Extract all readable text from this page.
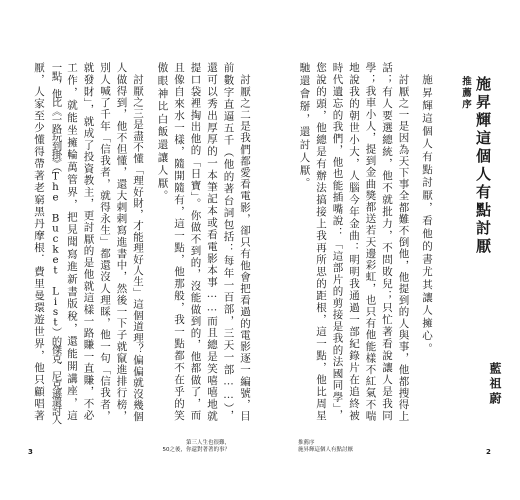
討厭之二是我們都愛看電影，卻只有他會把看過的電影逐一編號，目
前數字直逼五千（他的著台詞包括：每年一百部，三天一部……），
還可以秀出厚厚的一本筆記本或看電影本事……而且總是笑嘻嘻地就
提口袋裡掏出他的「日寶」。你做不到的，沒能做到的，他都做了，而
且像自來水一樣，隨開隨有，這一點，他那般，我一點都不在乎的笑
傲眼神比白飯還讓人厭。
討厭之三是盡不懂「理好財，才能理好人生」這個道理？偏偏就沒幾個
人做得到，他不但懂，還大剌剌寫進書中，然後一下子就竄進排行榜，
別人喊了千年「信我者，就得永生」都還沒人理睬，他一句「信我者，
就發財」，就成了投資教主，更討厭的是他就這樣一路賺一直賺，不必
工作，就能坐擁輪萬管界，把見聞寫進新書版稅，還能開講座，這
一點，他比《一路玩到掛》（The Bucket List）的傑克．尼克遜還討人
厭，人家至少懂得帶著老窮黑丹摩根．費里曼環遊世界，他只顧唱著
第三人生也很難，
50之後，你還對著著的事？
3
推薦序 施昇輝這個人有點討厭
藍祖蔚
施昇輝這個人有點討厭，看他的書尤其讓人擁心。
討厭之一是因為天下事全都難不倒他，他提到的人與事，他都搜得上
話；有人要選總統，他不就批力，不問敗兒；只忙著看說讓人是我同
學；我車小人，提到金曲獎都送若天邊彩虹，也只有他能樣不紅氣不喘
地說我的朝世小大，人腦今年金曲：明明我通過一部紀錄片在追終被
時代遺忘的我們，他也能插嘴說：「這部片的剪接是我的法國同學」，
您說的頭，他總是有辦法搞接上我再所思的距根，這一點，他比周星
馳還會掰，還討人厭。
推薦序
施昇輝這個人有點討厭	2
